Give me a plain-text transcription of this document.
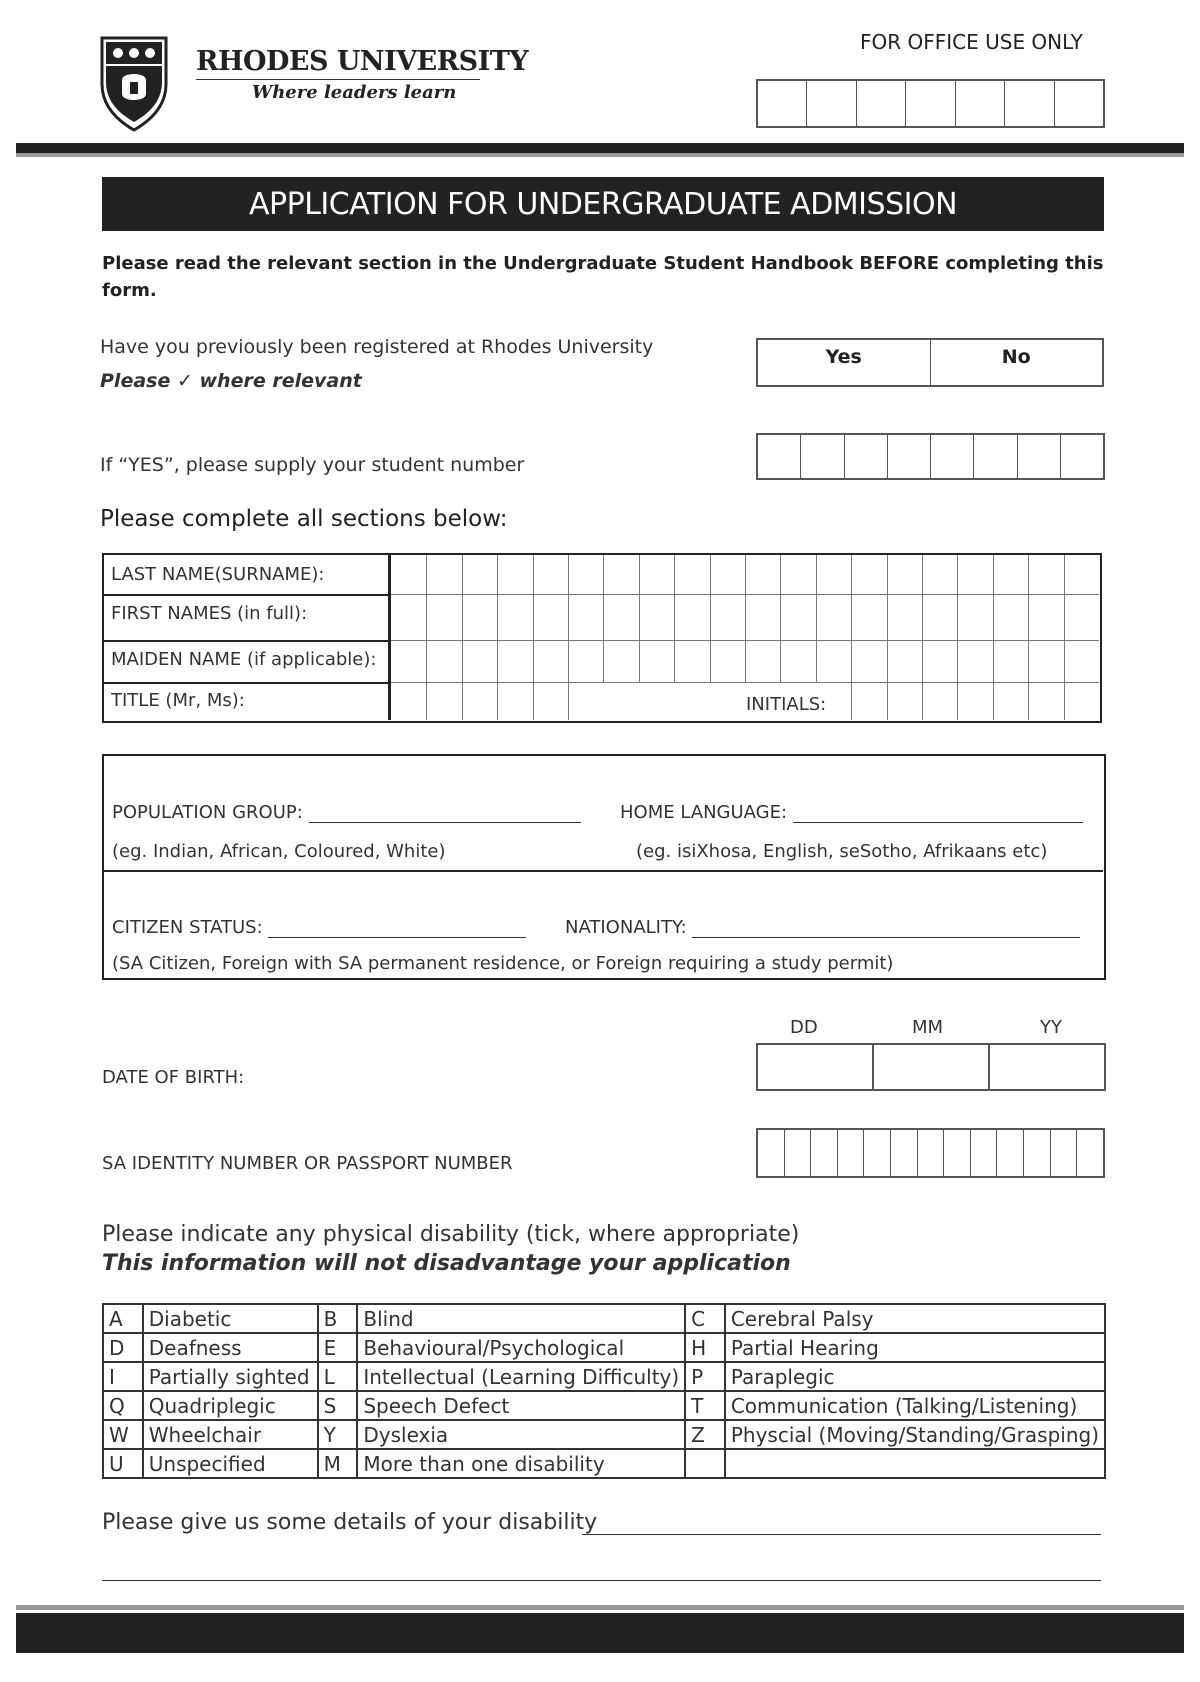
RHODES UNIVERSITY
Where leaders learn
FOR OFFICE USE ONLY
APPLICATION FOR UNDERGRADUATE ADMISSION
Please read the relevant section in the Undergraduate Student Handbook BEFORE completing this form.
Have you previously been registered at Rhodes University
Please ✓ where relevant
Yes	No
If “YES”, please supply your student number
Please complete all sections below:
LAST NAME(SURNAME):
FIRST NAMES (in full):
MAIDEN NAME (if applicable):
TITLE (Mr, Ms):	INITIALS:
POPULATION GROUP:
(eg. Indian, African, Coloured, White)
HOME LANGUAGE:
(eg. isiXhosa, English, seSotho, Afrikaans etc)
CITIZEN STATUS:	NATIONALITY:
(SA Citizen, Foreign with SA permanent residence, or Foreign requiring a study permit)
DD	MM	YY
DATE OF BIRTH:
SA IDENTITY NUMBER OR PASSPORT NUMBER
Please indicate any physical disability (tick, where appropriate)
This information will not disadvantage your application
A	Diabetic	B	Blind	C	Cerebral Palsy
D	Deafness	E	Behavioural/Psychological	H	Partial Hearing
I	Partially sighted	L	Intellectual (Learning Difficulty)	P	Paraplegic
Q	Quadriplegic	S	Speech Defect	T	Communication (Talking/Listening)
W	Wheelchair	Y	Dyslexia	Z	Physcial (Moving/Standing/Grasping)
U	Unspecified	M	More than one disability		
Please give us some details of your disability
